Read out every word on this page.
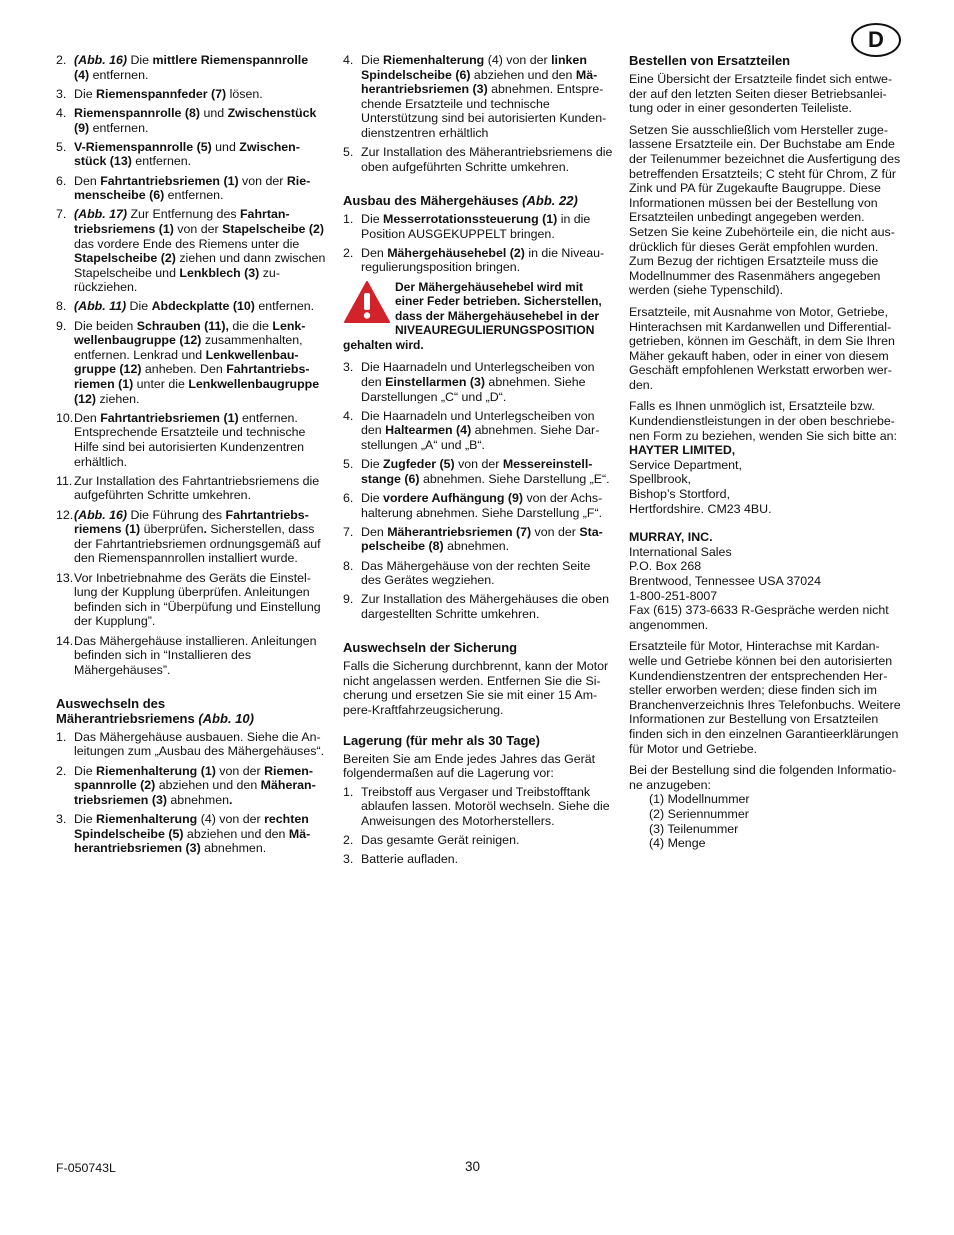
D
2. (Abb. 16) Die mittlere Riemenspannrolle (4) entfernen.
3. Die Riemenspannfeder (7) lösen.
4. Riemenspannrolle (8) und Zwischenstück (9) entfernen.
5. V-Riemenspannrolle (5) und Zwischenstück (13) entfernen.
6. Den Fahrtantriebsriemen (1) von der Riemenscheibe (6) entfernen.
7. (Abb. 17) Zur Entfernung des Fahrtantriebsriemens (1) von der Stapelscheibe (2) das vordere Ende des Riemens unter die Stapelscheibe (2) ziehen und dann zwischen Stapelscheibe und Lenkblech (3) zurückziehen.
8. (Abb. 11) Die Abdeckplatte (10) entfernen.
9. Die beiden Schrauben (11), die die Lenkwellenbaugruppe (12) zusammenhalten, entfernen. Lenkrad und Lenkwellenbaugruppe (12) anheben. Den Fahrtantriebsriemen (1) unter die Lenkwellenbaugruppe (12) ziehen.
10. Den Fahrtantriebsriemen (1) entfernen. Entsprechende Ersatzteile und technische Hilfe sind bei autorisierten Kundenzentren erhältlich.
11. Zur Installation des Fahrtantriebsriemens die aufgeführten Schritte umkehren.
12. (Abb. 16) Die Führung des Fahrtantriebsriemens (1) überprüfen. Sicherstellen, dass der Fahrtantriebsriemen ordnungsgemäß auf den Riemenspannrollen installiert wurde.
13. Vor Inbetriebnahme des Geräts die Einstellung der Kupplung überprüfen. Anleitungen befinden sich in “Überpüfung und Einstellung der Kupplung”.
14. Das Mähergehäuse installieren. Anleitungen befinden sich in “Installieren des Mähergehäuses”.
Auswechseln des
Mäherantriebsriemens (Abb. 10)
1. Das Mähergehäuse ausbauen. Siehe die Anleitungen zum „Ausbau des Mähergehäuses“.
2. Die Riemenhalterung (1) von der Riemenspannrolle (2) abziehen und den Mäherantriebsriemen (3) abnehmen.
3. Die Riemenhalterung (4) von der rechten Spindelscheibe (5) abziehen und den Mäherantriebsriemen (3) abnehmen.
4. Die Riemenhalterung (4) von der linken Spindelscheibe (6) abziehen und den Mäherantriebsriemen (3) abnehmen. Entsprechende Ersatzteile und technische Unterstützung sind bei autorisierten Kundendienstzentren erhältlich
5. Zur Installation des Mäherantriebsriemens die oben aufgeführten Schritte umkehren.
Ausbau des Mähergehäuses (Abb. 22)
1. Die Messerrotationssteuerung (1) in die Position AUSGEKUPPELT bringen.
2. Den Mähergehäusehebel (2) in die Niveauregulierungsposition bringen.
Der Mähergehäusehebel wird mit einer Feder betrieben. Sicherstellen, dass der Mähergehäusehebel in der NIVEAUREGULIERUNGSPOSITION gehalten wird.
3. Die Haarnadeln und Unterlegscheiben von den Einstellarmen (3) abnehmen. Siehe Darstellungen „C“ und „D“.
4. Die Haarnadeln und Unterlegscheiben von den Haltearmen (4) abnehmen. Siehe Darstellungen „A“ und „B“.
5. Die Zugfeder (5) von der Messereinstellstange (6) abnehmen. Siehe Darstellung „E“.
6. Die vordere Aufhängung (9) von der Achshalterung abnehmen. Siehe Darstellung „F“.
7. Den Mäherantriebsriemen (7) von der Stapelscheibe (8) abnehmen.
8. Das Mähergehäuse von der rechten Seite des Gerätes wegziehen.
9. Zur Installation des Mähergehäuses die oben dargestellten Schritte umkehren.
Auswechseln der Sicherung

Falls die Sicherung durchbrennt, kann der Motor nicht angelassen werden. Entfernen Sie die Sicherung und ersetzen Sie sie mit einer 15 Ampere-Kraftfahrzeugsicherung.

Lagerung (für mehr als 30 Tage)

Bereiten Sie am Ende jedes Jahres das Gerät folgendermaßen auf die Lagerung vor:

1. Treibstoff aus Vergaser und Treibstofftank ablaufen lassen. Motoröl wechseln. Siehe die Anweisungen des Motorherstellers.
2. Das gesamte Gerät reinigen.
3. Batterie aufladen.
Bestellen von Ersatzteilen

Eine Übersicht der Ersatzteile findet sich entweder auf den letzten Seiten dieser Betriebsanleitung oder in einer gesonderten Teileliste.

Setzen Sie ausschließlich vom Hersteller zugelassene Ersatzteile ein. Der Buchstabe am Ende der Teilenummer bezeichnet die Ausfertigung des betreffenden Ersatzteils; C steht für Chrom, Z für Zink und PA für Zugekaufte Baugruppe. Diese Informationen müssen bei der Bestellung von Ersatzteilen unbedingt angegeben werden. Setzen Sie keine Zubehörteile ein, die nicht ausdrücklich für dieses Gerät empfohlen wurden. Zum Bezug der richtigen Ersatzteile muss die Modellnummer des Rasenmähers angegeben werden (siehe Typenschild).

Ersatzteile, mit Ausnahme von Motor, Getriebe, Hinterachsen mit Kardanwellen und Differentialgetrieben, können im Geschäft, in dem Sie Ihren Mäher gekauft haben, oder in einer von diesem Geschäft empfohlenen Werkstatt erworben werden.

Falls es Ihnen unmöglich ist, Ersatzteile bzw. Kundendienstleistungen in der oben beschriebenen Form zu beziehen, wenden Sie sich bitte an:

HAYTER LIMITED,
Service Department,
Spellbrook,
Bishop’s Stortford,
Hertfordshire. CM23 4BU.
MURRAY, INC.
International Sales
P.O. Box 268
Brentwood, Tennessee USA 37024
1-800-251-8007
Fax (615) 373-6633 R-Gespräche werden nicht angenommen.

Ersatzteile für Motor, Hinterachse mit Kardanwelle und Getriebe können bei den autorisierten Kundendienstzentren der entsprechenden Hersteller erworben werden; diese finden sich im Branchenverzeichnis Ihres Telefonbuchs. Weitere Informationen zur Bestellung von Ersatzteilen finden sich in den einzelnen Garantieerklärungen für Motor und Getriebe.

Bei der Bestellung sind die folgenden Informatione anzugeben:

(1) Modellnummer
(2) Seriennummer
(3) Teilenummer
(4) Menge
F-050743L	30
